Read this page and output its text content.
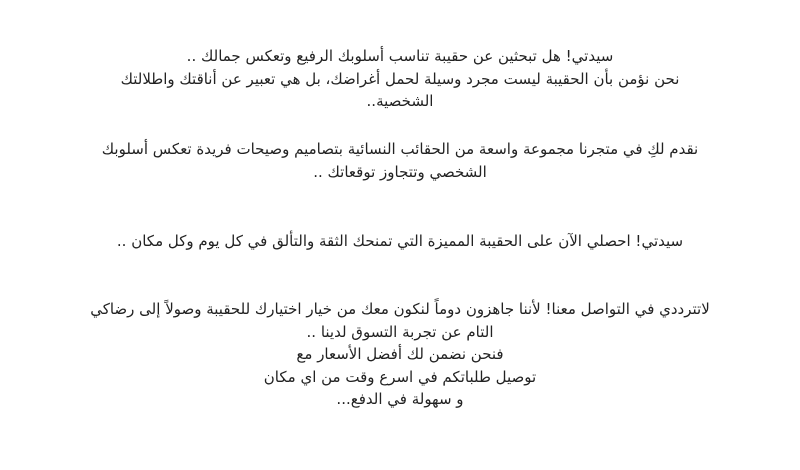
سيدتي! هل تبحثين عن حقيبة تناسب أسلوبك الرفيع وتعكس جمالك ..
نحن نؤمن بأن الحقيبة ليست مجرد وسيلة لحمل أغراضك، بل هي تعبير عن أناقتك واطلالتك
الشخصية..
نقدم لكِ في متجرنا مجموعة واسعة من الحقائب النسائية بتصاميم وصيحات فريدة تعكس أسلوبك
الشخصي وتتجاوز توقعاتك ..
سيدتي! احصلي الآن على الحقيبة المميزة التي تمنحك الثقة والتألق في كل يوم وكل مكان ..
لاتترددي في التواصل معنا! لأننا جاهزون دوماً لنكون معك من خيار اختيارك للحقيبة وصولاً إلى رضاكي
التام عن تجربة التسوق لدينا ..
فنحن نضمن لك أفضل الأسعار مع
توصيل طلباتكم في اسرع وقت من اي مكان
و سهولة في الدفع...
